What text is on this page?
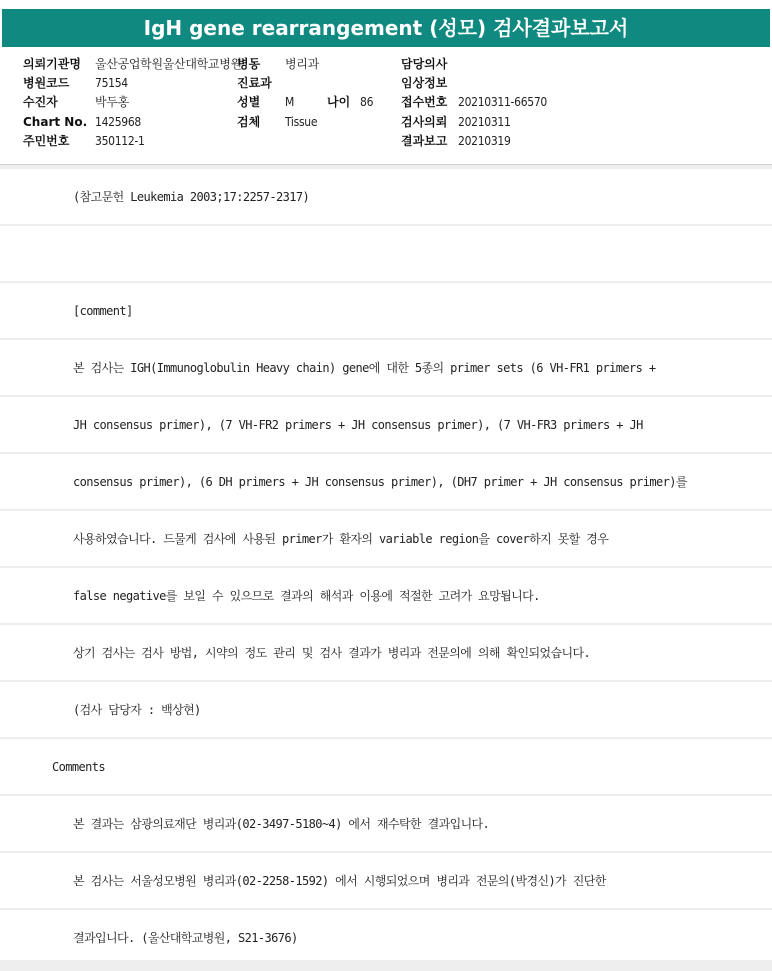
IgH gene rearrangement (성모) 검사결과보고서
의뢰기관명 울산공업학원울산대학교병원
병원코드 75154
수진자	박두홍
Chart No. 1425968
주민번호 350112-1
병동 병리과
진료과
성별 M	나이 86
검체 Tissue
담당의사
임상정보
접수번호 20210311-66570
검사의뢰 20210311
결과보고 20210319
(참고문헌 Leukemia 2003;17:2257-2317)
[comment]
본 검사는 IGH(Immunoglobulin Heavy chain) gene에 대한 5종의 primer sets (6 VH-FR1 primers +
JH consensus primer), (7 VH-FR2 primers + JH consensus primer), (7 VH-FR3 primers + JH
consensus primer), (6 DH primers + JH consensus primer), (DH7 primer + JH consensus primer)를
사용하였습니다. 드물게 검사에 사용된 primer가 환자의 variable region을 cover하지 못할 경우
false negative를 보일 수 있으므로 결과의 해석과 이용에 적절한 고려가 요망됩니다.
상기 검사는 검사 방법, 시약의 정도 관리 및 검사 결과가 병리과 전문의에 의해 확인되었습니다.
(검사 담당자 : 백상현)
Comments
본 결과는 삼광의료재단 병리과(02-3497-5180~4) 에서 재수탁한 결과입니다.
본 검사는 서울성모병원 병리과(02-2258-1592) 에서 시행되었으며 병리과 전문의(박경신)가 진단한
결과입니다. (울산대학교병원, S21-3676)
